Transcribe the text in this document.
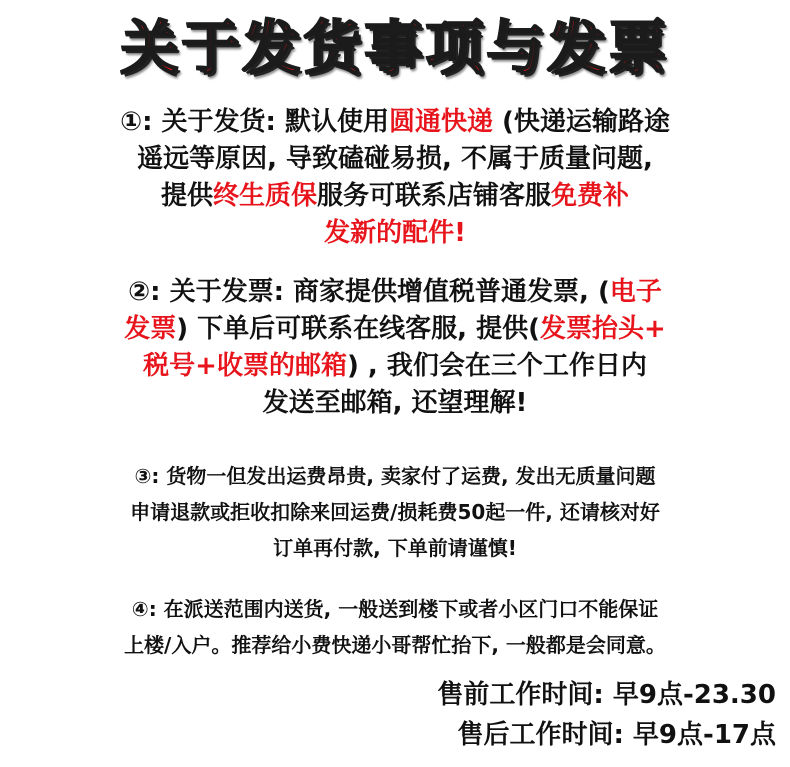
关于发货事项与发票
①: 关于发货: 默认使用圆通快递 (快递运输路途
遥远等原因, 导致磕碰易损, 不属于质量问题,
提供终生质保服务可联系店铺客服免费补
发新的配件!
②: 关于发票: 商家提供增值税普通发票, (电子
发票) 下单后可联系在线客服, 提供(发票抬头+
税号+收票的邮箱) , 我们会在三个工作日内
发送至邮箱, 还望理解!
③: 货物一但发出运费昂贵, 卖家付了运费, 发出无质量问题
申请退款或拒收扣除来回运费/损耗费50起一件, 还请核对好
订单再付款, 下单前请谨慎!
④: 在派送范围内送货, 一般送到楼下或者小区门口不能保证
上楼/入户。推荐给小费快递小哥帮忙抬下, 一般都是会同意。
售前工作时间: 早9点-23.30
售后工作时间: 早9点-17点
